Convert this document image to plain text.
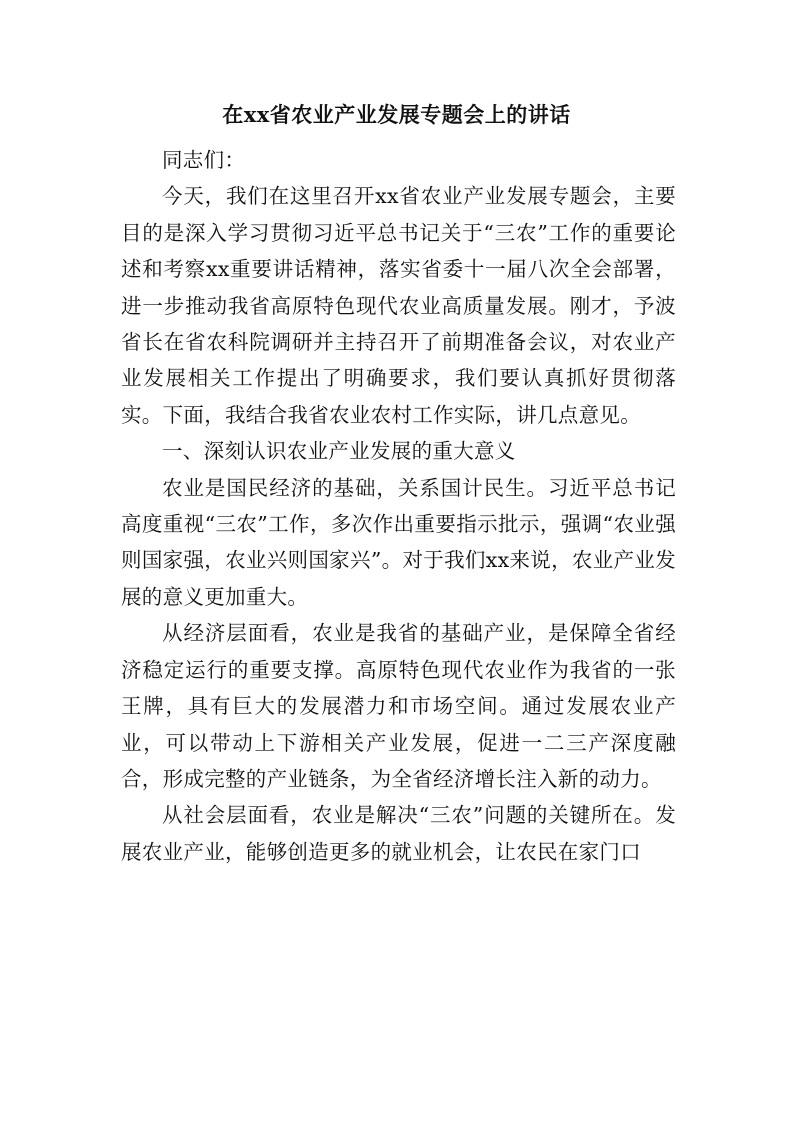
在xx省农业产业发展专题会上的讲话

同志们：

今天，我们在这里召开xx省农业产业发展专题会，主要目的是深入学习贯彻习近平总书记关于“三农”工作的重要论述和考察xx重要讲话精神，落实省委十一届八次全会部署，进一步推动我省高原特色现代农业高质量发展。刚才，予波省长在省农科院调研并主持召开了前期准备会议，对农业产业发展相关工作提出了明确要求，我们要认真抓好贯彻落实。下面，我结合我省农业农村工作实际，讲几点意见。

一、深刻认识农业产业发展的重大意义

农业是国民经济的基础，关系国计民生。习近平总书记高度重视“三农”工作，多次作出重要指示批示，强调“农业强则国家强，农业兴则国家兴”。对于我们xx来说，农业产业发展的意义更加重大。

从经济层面看，农业是我省的基础产业，是保障全省经济稳定运行的重要支撑。高原特色现代农业作为我省的一张王牌，具有巨大的发展潜力和市场空间。通过发展农业产业，可以带动上下游相关产业发展，促进一二三产深度融合，形成完整的产业链条，为全省经济增长注入新的动力。

从社会层面看，农业是解决“三农”问题的关键所在。发展农业产业，能够创造更多的就业机会，让农民在家门口
